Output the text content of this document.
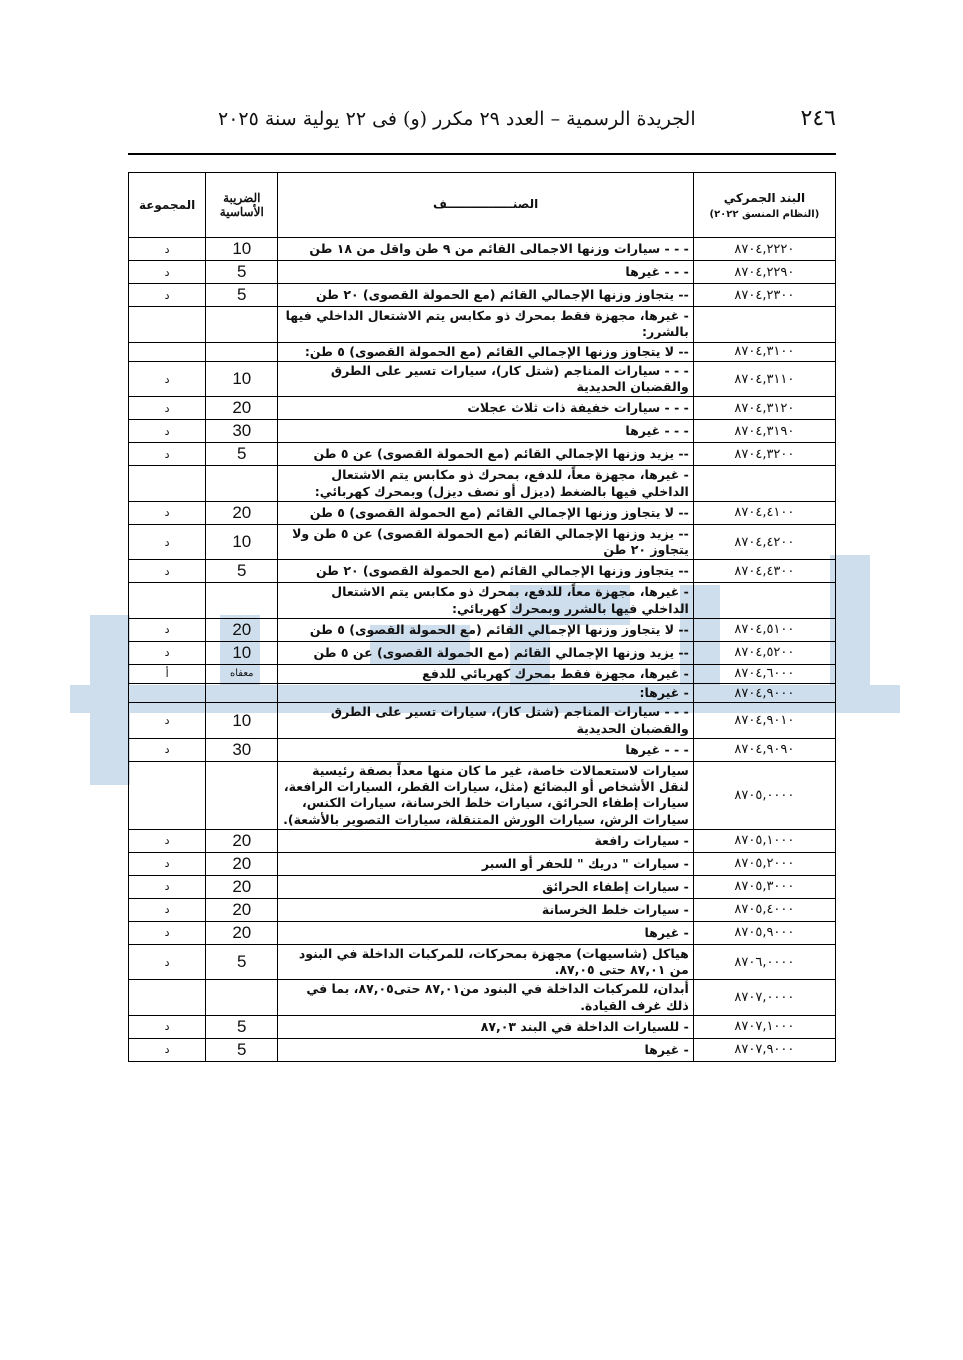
٢٤٦
الجريدة الرسمية – العدد ٢٩ مكرر (و) فى ٢٢ يولية سنة ٢٠٢٥
البند الجمركي
(النظام المنسق ٢٠٢٢)	الصنــــــــــــــــف	الضريبة الأساسية	المجموعة
٨٧٠٤,٢٢٢٠	- - - سيارات وزنها الاجمالى القائم من ٩ طن واقل من ١٨ طن	10	د
٨٧٠٤,٢٢٩٠	- - - غيرها	5	د
٨٧٠٤,٢٣٠٠	-- يتجاوز وزنها الإجمالي القائم (مع الحمولة القصوى) ٢٠ طن	5	د
	- غيرها، مجهزة فقط بمحرك ذو مكابس يتم الاشتعال الداخلي فيها بالشرر:		
٨٧٠٤,٣١٠٠	-- لا يتجاوز وزنها الإجمالي القائم (مع الحمولة القصوى) ٥ طن:		
٨٧٠٤,٣١١٠	- - - سيارات المناجم (شتل كار)، سيارات تسير على الطرق والقضبان الحديدية	10	د
٨٧٠٤,٣١٢٠	- - - سيارات خفيفة ذات ثلاث عجلات	20	د
٨٧٠٤,٣١٩٠	- - - غيرها	30	د
٨٧٠٤,٣٢٠٠	-- يزيد وزنها الإجمالي القائم (مع الحمولة القصوى) عن ٥ طن	5	د
	- غيرها، مجهزة معاً، للدفع، بمحرك ذو مكابس يتم الاشتعال الداخلي فيها بالضغط (ديزل أو نصف ديزل) وبمحرك كهربائي:		
٨٧٠٤,٤١٠٠	-- لا يتجاوز وزنها الإجمالي القائم (مع الحمولة القصوى) ٥ طن	20	د
٨٧٠٤,٤٢٠٠	-- يزيد وزنها الإجمالي القائم (مع الحمولة القصوى) عن ٥ طن ولا يتجاوز ٢٠ طن	10	د
٨٧٠٤,٤٣٠٠	-- يتجاوز وزنها الإجمالي القائم (مع الحمولة القصوى) ٢٠ طن	5	د
	- غيرها، مجهزة معاً، للدفع، بمحرك ذو مكابس يتم الاشتعال الداخلي فيها بالشرر وبمحرك كهربائي:		
٨٧٠٤,٥١٠٠	-- لا يتجاوز وزنها الإجمالي القائم (مع الحمولة القصوى) ٥ طن	20	د
٨٧٠٤,٥٢٠٠	-- يزيد وزنها الإجمالي القائم (مع الحمولة القصوى) عن ٥ طن	10	د
٨٧٠٤,٦٠٠٠	- غيرها، مجهزة فقط بمحرك كهربائي للدفع	معفاه	أ
٨٧٠٤,٩٠٠٠	- غيرها:		
٨٧٠٤,٩٠١٠	- - - سيارات المناجم (شتل كار)، سيارات تسير على الطرق والقضبان الحديدية	10	د
٨٧٠٤,٩٠٩٠	- - - غيرها	30	د
٨٧٠٥,٠٠٠٠	سيارات لاستعمالات خاصة، غير ما كان منها معداً بصفة رئيسية لنقل الأشخاص أو البضائع (مثل، سيارات القطر، السيارات الرافعة، سيارات إطفاء الحرائق، سيارات خلط الخرسانة، سيارات الكنس، سيارات الرش، سيارات الورش المتنقلة، سيارات التصوير بالأشعة).		
٨٧٠٥,١٠٠٠	- سيارات رافعة	20	د
٨٧٠٥,٢٠٠٠	- سيارات " دريك " للحفر أو السبر	20	د
٨٧٠٥,٣٠٠٠	- سيارات إطفاء الحرائق	20	د
٨٧٠٥,٤٠٠٠	- سيارات خلط الخرسانة	20	د
٨٧٠٥,٩٠٠٠	- غيرها	20	د
٨٧٠٦,٠٠٠٠	هياكل (شاسيهات) مجهزة بمحركات، للمركبات الداخلة في البنود من ٨٧,٠١ حتى ٨٧,٠٥.	5	د
٨٧٠٧,٠٠٠٠	أبدان، للمركبات الداخلة في البنود من٨٧,٠١ حتى٨٧,٠٥، بما في ذلك غرف القيادة.		
٨٧٠٧,١٠٠٠	- للسيارات الداخلة في البند ٨٧,٠٣	5	د
٨٧٠٧,٩٠٠٠	- غيرها	5	د
